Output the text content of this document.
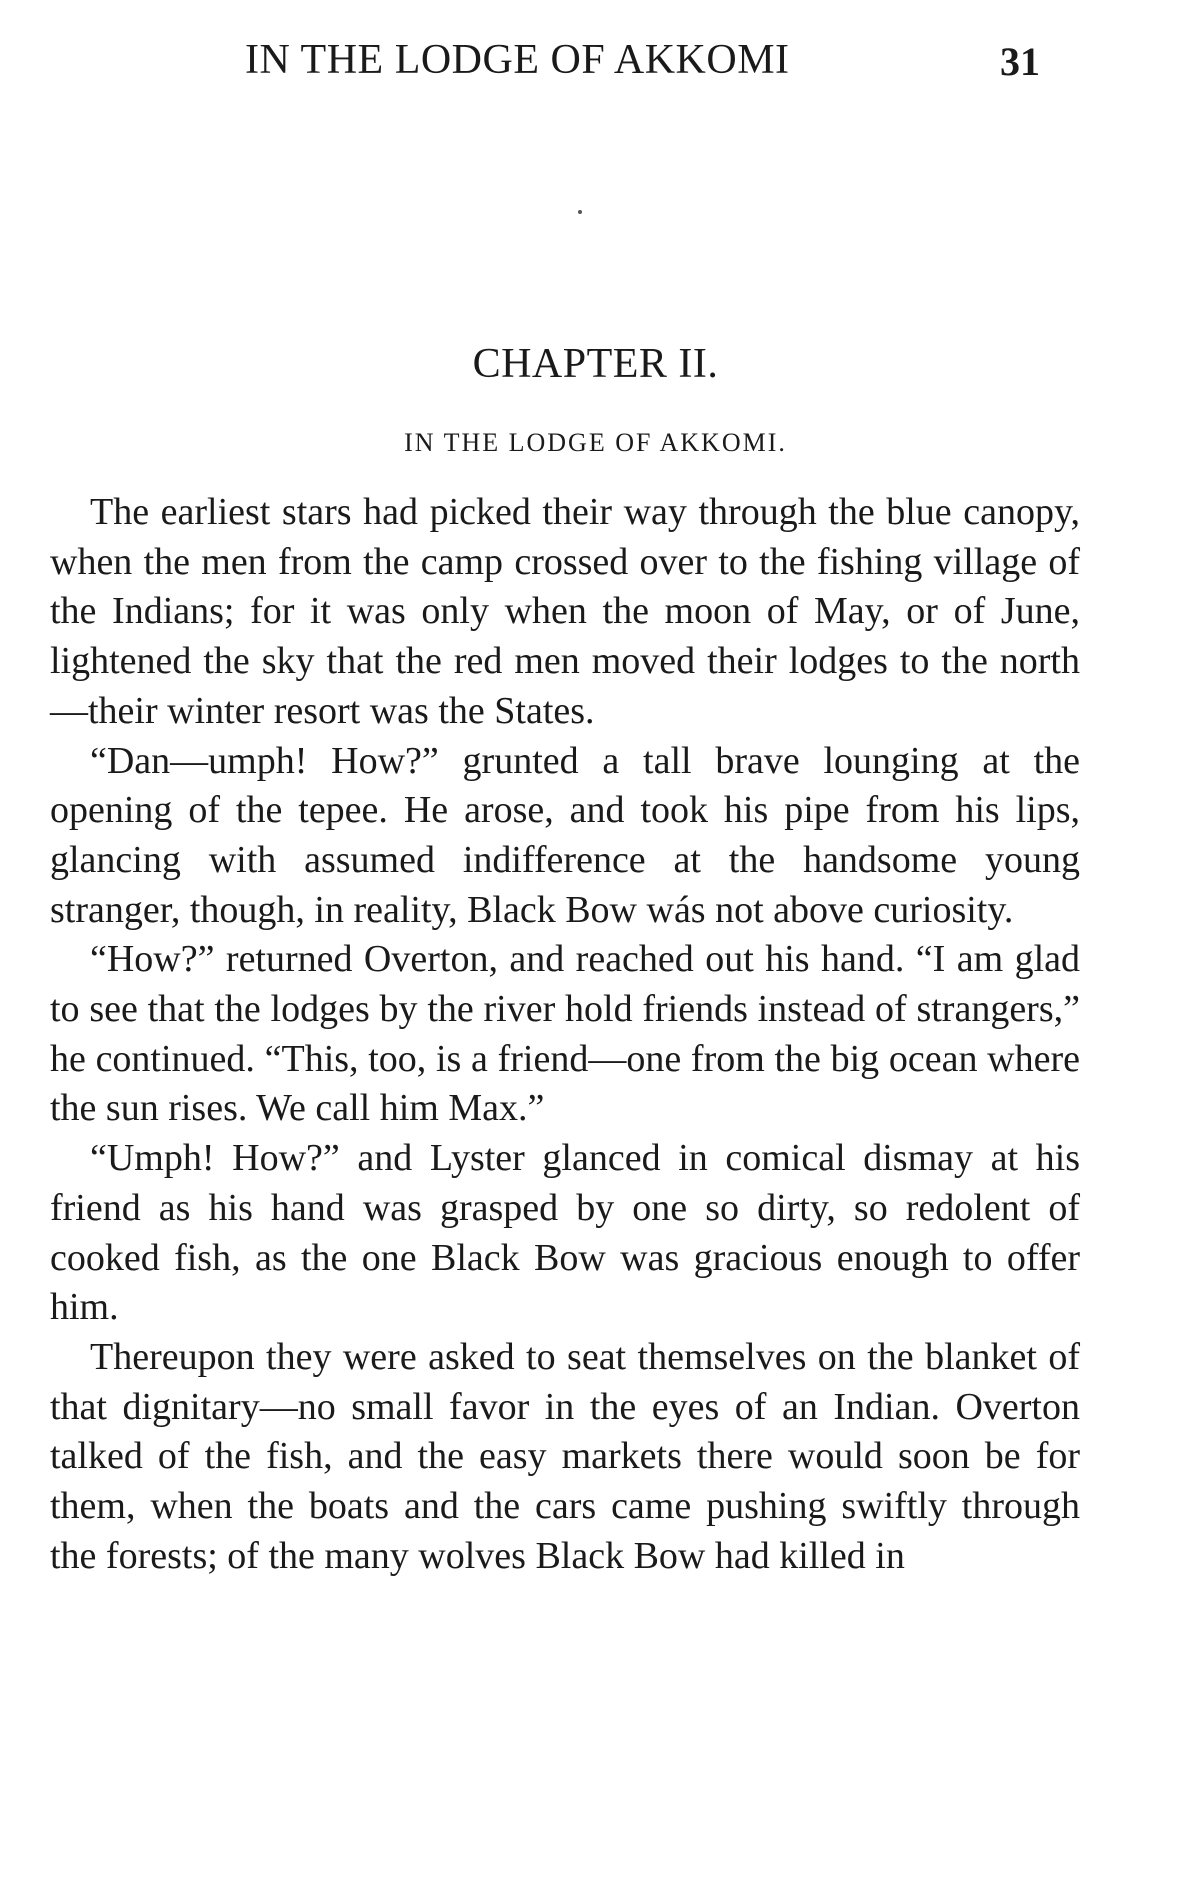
IN THE LODGE OF AKKOMI	31
CHAPTER II.
IN THE LODGE OF AKKOMI.

The earliest stars had picked their way through the blue canopy, when the men from the camp crossed over to the fishing village of the Indians; for it was only when the moon of May, or of June, lightened the sky that the red men moved their lodges to the north—their winter resort was the States.

“Dan—umph! How?” grunted a tall brave lounging at the opening of the tepee. He arose, and took his pipe from his lips, glancing with assumed indifference at the handsome young stranger, though, in reality, Black Bow wás not above curiosity.

“How?” returned Overton, and reached out his hand. “I am glad to see that the lodges by the river hold friends instead of strangers,” he continued. “This, too, is a friend—one from the big ocean where the sun rises. We call him Max.”

“Umph! How?” and Lyster glanced in comical dismay at his friend as his hand was grasped by one so dirty, so redolent of cooked fish, as the one Black Bow was gracious enough to offer him.

Thereupon they were asked to seat themselves on the blanket of that dignitary—no small favor in the eyes of an Indian. Overton talked of the fish, and the easy markets there would soon be for them, when the boats and the cars came pushing swiftly through the forests; of the many wolves Black Bow had killed in
